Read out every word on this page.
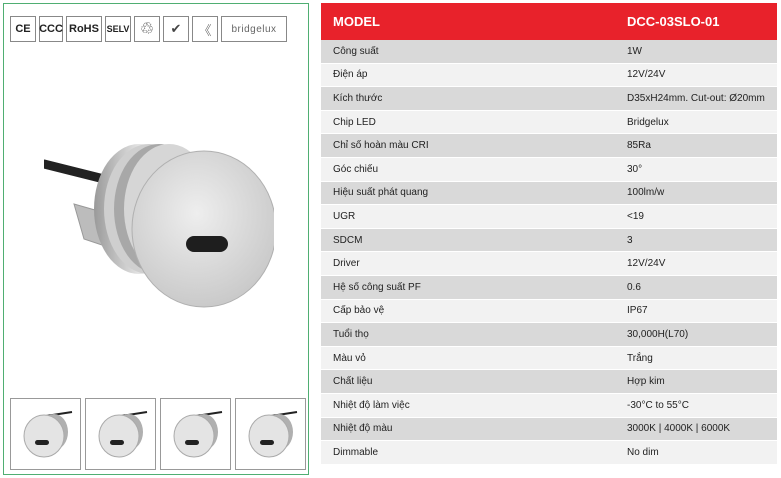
CE CCC RoHS SELV ♲	✔	《	bridgelux	MODEL	DCC-03SLO-01
Công suất	1W
Điện áp	12V/24V
Kích thước	D35xH24mm. Cut-out: Ø20mm
Chip LED	Bridgelux
Chỉ số hoàn màu CRI	85Ra
Góc chiếu	30°
Hiệu suất phát quang	100lm/w
UGR	<19
SDCM	3
Driver	12V/24V
Hệ số công suất PF	0.6
Cấp bảo vệ	IP67
Tuổi thọ	30,000H(L70)
Màu vỏ	Trắng
Chất liệu	Hợp kim
Nhiệt độ làm việc	-30°C to 55°C
Nhiệt độ màu	3000K | 4000K | 6000K
Dimmable	No dim
